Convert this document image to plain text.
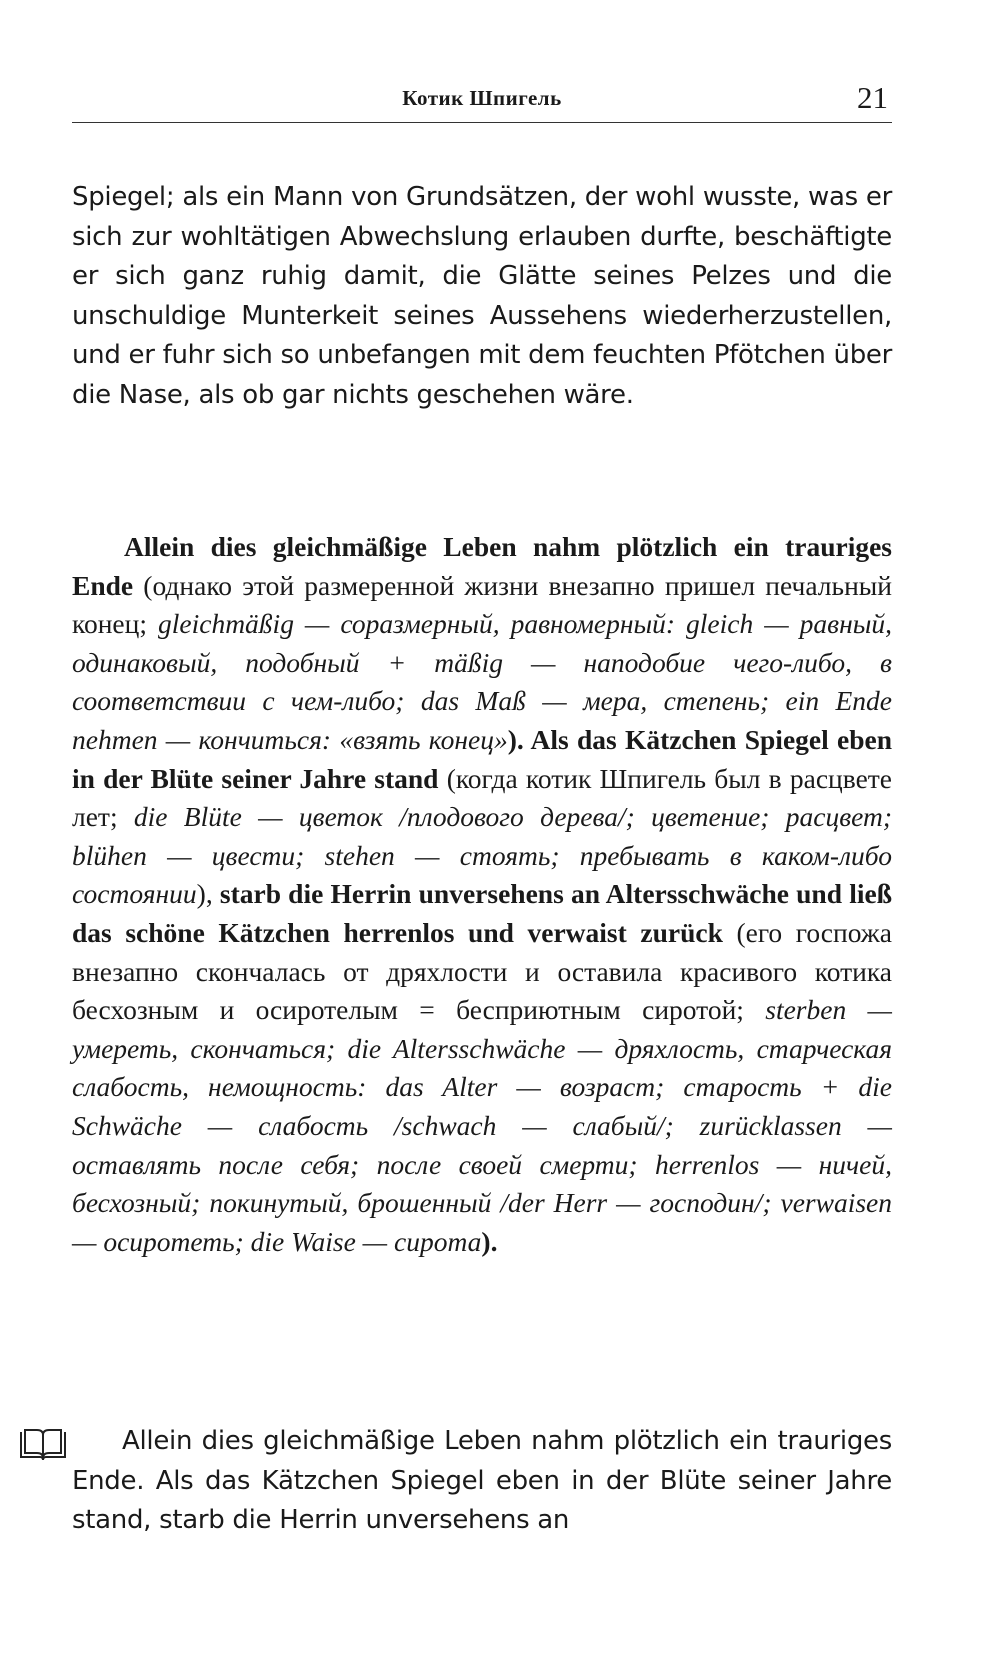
Котик Шпигель	21
Spiegel; als ein Mann von Grundsätzen, der wohl wusste, was er sich zur wohltätigen Abwechslung erlauben durfte, beschäftigte er sich ganz ruhig damit, die Glätte seines Pelzes und die unschuldige Munterkeit seines Aussehens wiederherzustellen, und er fuhr sich so unbefangen mit dem feuchten Pfötchen über die Nase, als ob gar nichts geschehen wäre.
Allein dies gleichmäßige Leben nahm plötzlich ein trauriges Ende (однако этой размеренной жизни внезапно пришел печальный конец; gleichmäßig — соразмерный, равномерный: gleich — равный, одинаковый, подобный + mäßig — наподобие чего-либо, в соответствии с чем-либо; das Maß — мера, степень; ein Ende nehmen — кончиться: «взять конец»). Als das Kätzchen Spiegel eben in der Blüte seiner Jahre stand (когда котик Шпигель был в расцвете лет; die Blüte — цветок /плодового дерева/; цветение; расцвет; blühen — цвести; stehen — стоять; пребывать в каком-либо состоянии), starb die Herrin unversehens an Altersschwäche und ließ das schöne Kätzchen herrenlos und verwaist zurück (его госпожа внезапно скончалась от дряхлости и оставила красивого котика бесхозным и осиротелым = бесприютным сиротой; sterben — умереть, скончаться; die Altersschwäche — дряхлость, старческая слабость, немощность: das Alter — возраст; старость + die Schwäche — слабость /schwach — слабый/; zurücklassen — оставлять после себя; после своей смерти; herrenlos — ничей, бесхозный; покинутый, брошенный /der Herr — господин/; verwaisen — осиротеть; die Waise — сирота).
Allein dies gleichmäßige Leben nahm plötzlich ein trauriges Ende. Als das Kätzchen Spiegel eben in der Blüte seiner Jahre stand, starb die Herrin unversehens an
